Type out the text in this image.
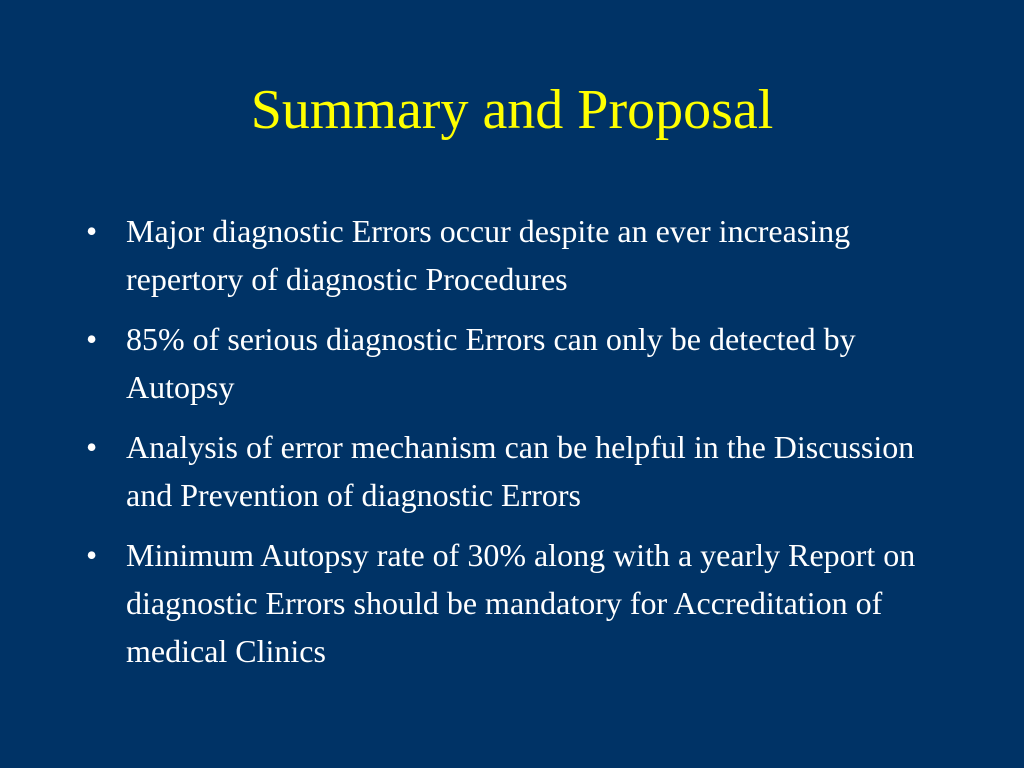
Summary and Proposal
• Major diagnostic Errors occur despite an ever increasing repertory of diagnostic Procedures
• 85% of serious diagnostic Errors can only be detected by Autopsy
• Analysis of error mechanism can be helpful in the Discussion and Prevention of diagnostic Errors
• Minimum Autopsy rate of 30% along with a yearly Report on diagnostic Errors should be mandatory for Accreditation of medical Clinics
